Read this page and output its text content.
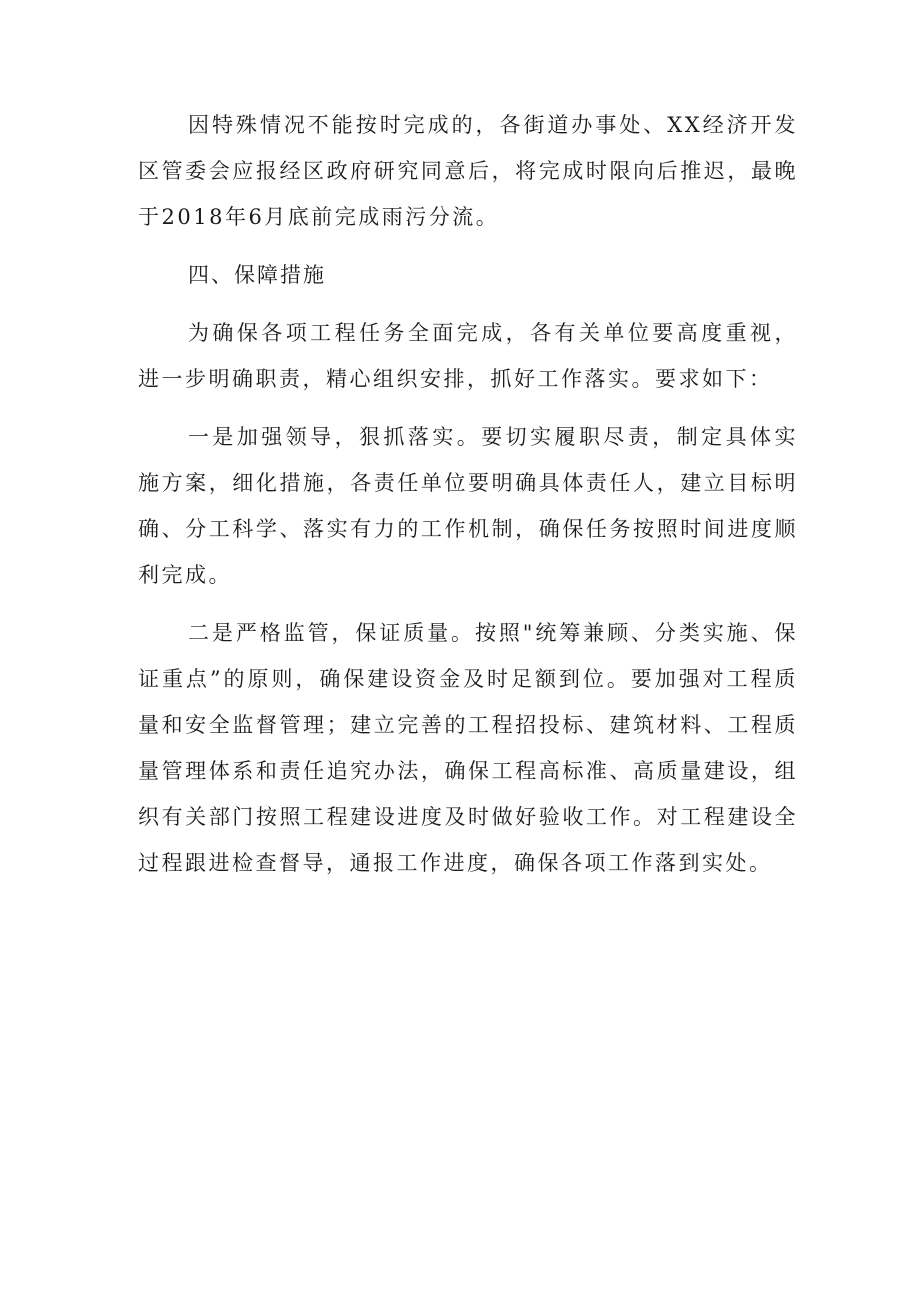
因特殊情况不能按时完成的，各街道办事处、XX经济开发区管委会应报经区政府研究同意后，将完成时限向后推迟，最晚于2018年6月底前完成雨污分流。

四、保障措施

为确保各项工程任务全面完成，各有关单位要高度重视，进一步明确职责，精心组织安排，抓好工作落实。要求如下：

一是加强领导，狠抓落实。要切实履职尽责，制定具体实施方案，细化措施，各责任单位要明确具体责任人，建立目标明确、分工科学、落实有力的工作机制，确保任务按照时间进度顺利完成。

二是严格监管，保证质量。按照"统筹兼顾、分类实施、保证重点”的原则，确保建设资金及时足额到位。要加强对工程质量和安全监督管理；建立完善的工程招投标、建筑材料、工程质量管理体系和责任追究办法，确保工程高标准、高质量建设，组织有关部门按照工程建设进度及时做好验收工作。对工程建设全过程跟进检查督导，通报工作进度，确保各项工作落到实处。
